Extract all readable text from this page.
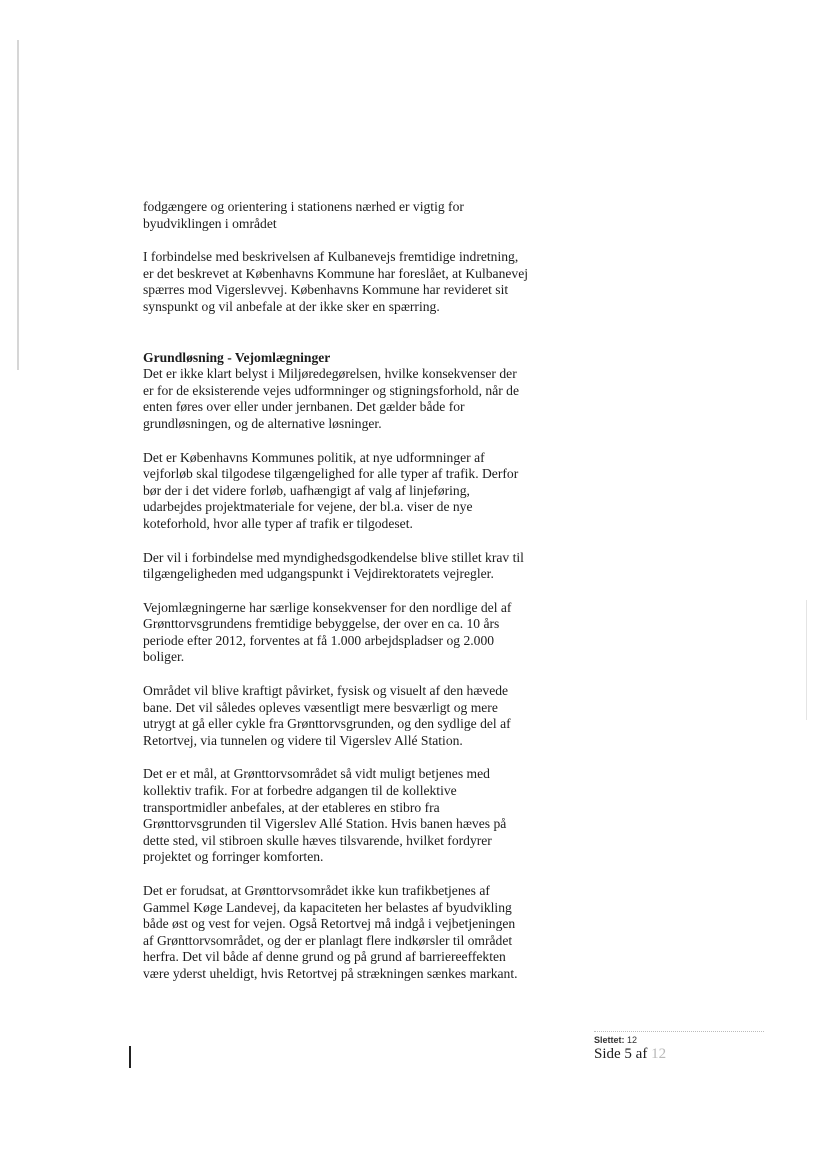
fodgængere og orientering i stationens nærhed er vigtig for
byudviklingen i området

I forbindelse med beskrivelsen af Kulbanevejs fremtidige indretning,
er det beskrevet at Københavns Kommune har foreslået, at Kulbanevej
spærres mod Vigerslevvej. Københavns Kommune har revideret sit
synspunkt og vil anbefale at der ikke sker en spærring.

Grundløsning - Vejomlægninger

Det er ikke klart belyst i Miljøredegørelsen, hvilke konsekvenser der
er for de eksisterende vejes udformninger og stigningsforhold, når de
enten føres over eller under jernbanen. Det gælder både for
grundløsningen, og de alternative løsninger.

Det er Københavns Kommunes politik, at nye udformninger af
vejforløb skal tilgodese tilgængelighed for alle typer af trafik. Derfor
bør der i det videre forløb, uafhængigt af valg af linjeføring,
udarbejdes projektmateriale for vejene, der bl.a. viser de nye
koteforhold, hvor alle typer af trafik er tilgodeset.

Der vil i forbindelse med myndighedsgodkendelse blive stillet krav til
tilgængeligheden med udgangspunkt i Vejdirektoratets vejregler.

Vejomlægningerne har særlige konsekvenser for den nordlige del af
Grønttorvsgrundens fremtidige bebyggelse, der over en ca. 10 års
periode efter 2012, forventes at få 1.000 arbejdspladser og 2.000
boliger.

Området vil blive kraftigt påvirket, fysisk og visuelt af den hævede
bane. Det vil således opleves væsentligt mere besværligt og mere
utrygt at gå eller cykle fra Grønttorvsgrunden, og den sydlige del af
Retortvej, via tunnelen og videre til Vigerslev Allé Station.

Det er et mål, at Grønttorvsområdet så vidt muligt betjenes med
kollektiv trafik. For at forbedre adgangen til de kollektive
transportmidler anbefales, at der etableres en stibro fra
Grønttorvsgrunden til Vigerslev Allé Station. Hvis banen hæves på
dette sted, vil stibroen skulle hæves tilsvarende, hvilket fordyrer
projektet og forringer komforten.

Det er forudsat, at Grønttorvsområdet ikke kun trafikbetjenes af
Gammel Køge Landevej, da kapaciteten her belastes af byudvikling
både øst og vest for vejen. Også Retortvej må indgå i vejbetjeningen
af Grønttorvsområdet, og der er planlagt flere indkørsler til området
herfra. Det vil både af denne grund og på grund af barriereeffekten
være yderst uheldigt, hvis Retortvej på strækningen sænkes markant.

Slettet: 12
Side 5 af 12
